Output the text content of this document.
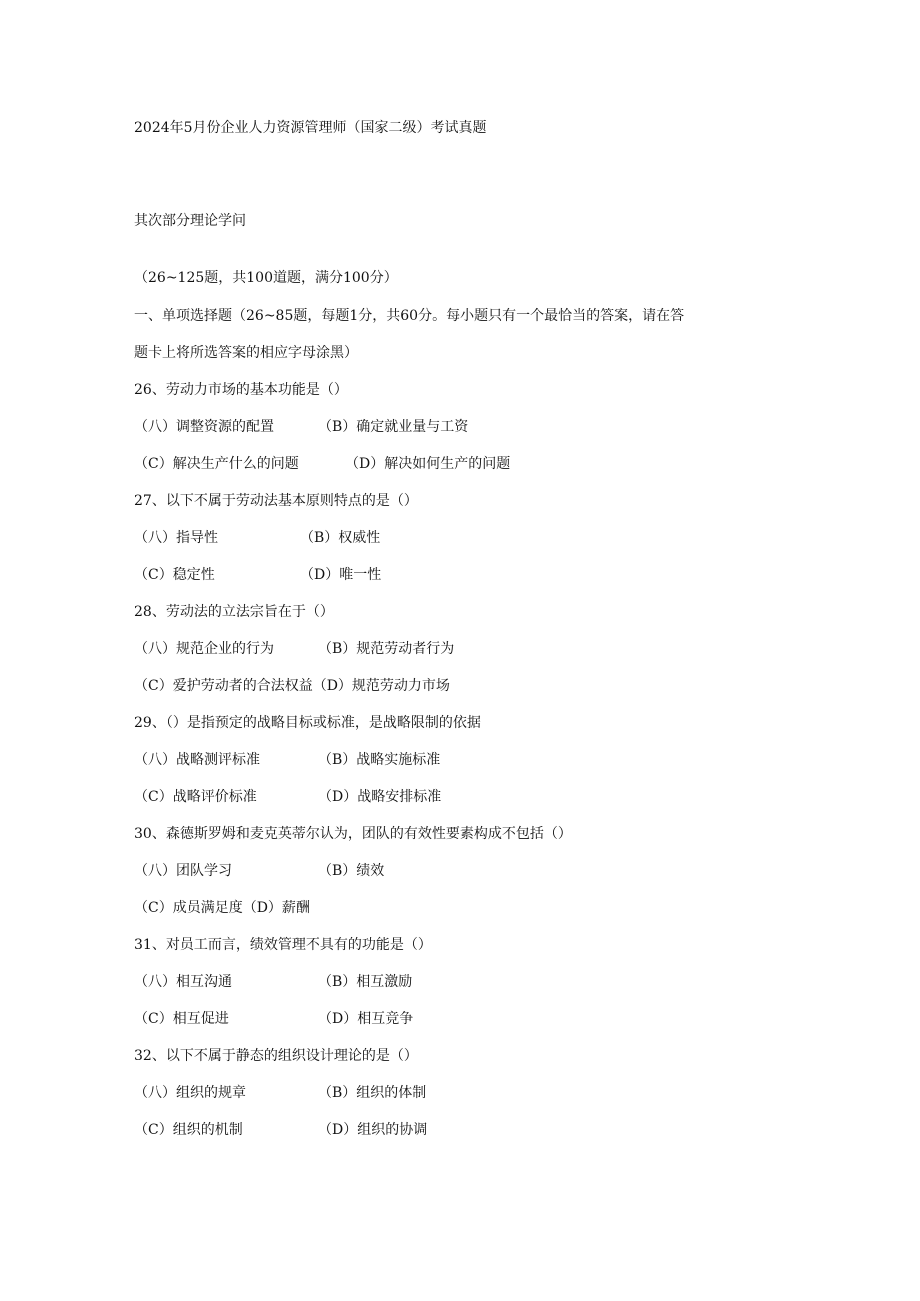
2024年5月份企业人力资源管理师（国家二级）考试真题
其次部分理论学问
（26~125题，共100道题，满分100分）
一、单项选择题（26~85题，每题1分，共60分。每小题只有一个最恰当的答案，请在答
题卡上将所选答案的相应字母涂黑）
26、劳动力市场的基本功能是（）
（八）调整资源的配置	（B）确定就业量与工资
（C）解决生产什么的问题	（D）解决如何生产的问题
27、以下不属于劳动法基本原则特点的是（）
（八）指导性	（B）权威性
（C）稳定性	（D）唯一性
28、劳动法的立法宗旨在于（）
（八）规范企业的行为	（B）规范劳动者行为
（C）爱护劳动者的合法权益（D）规范劳动力市场
29、（）是指预定的战略目标或标准，是战略限制的依据
（八）战略测评标准	（B）战略实施标准
（C）战略评价标准	（D）战略安排标准
30、森德斯罗姆和麦克英蒂尔认为，团队的有效性要素构成不包括（）
（八）团队学习	（B）绩效
（C）成员满足度（D）薪酬
31、对员工而言，绩效管理不具有的功能是（）
（八）相互沟通	（B）相互激励
（C）相互促进	（D）相互竞争
32、以下不属于静态的组织设计理论的是（）
（八）组织的规章	（B）组织的体制
（C）组织的机制	（D）组织的协调
